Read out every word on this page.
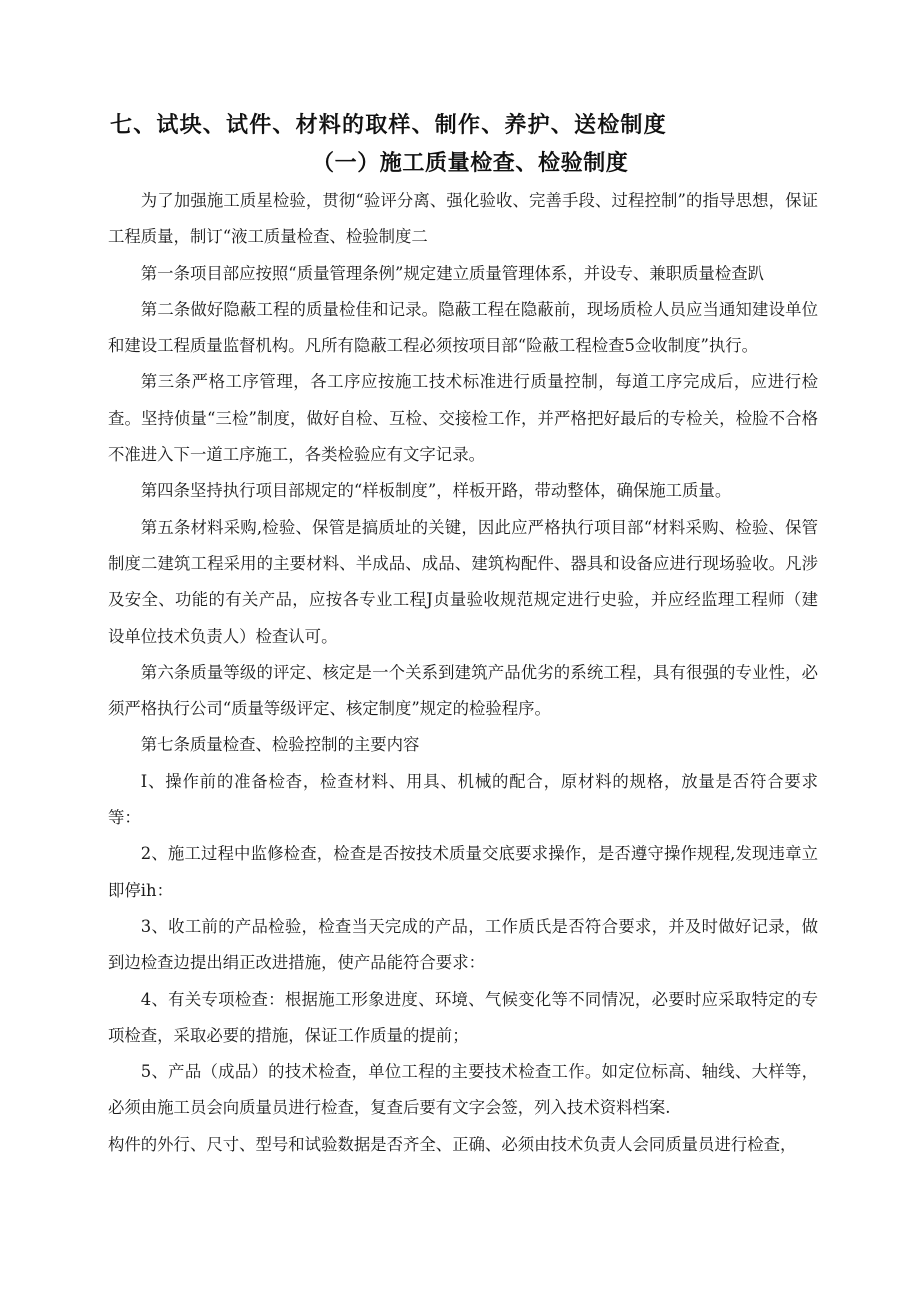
七、试块、试件、材料的取样、制作、养护、送检制度
（一）施工质量检查、检验制度

为了加强施工质星检验，贯彻“验评分离、强化验收、完善手段、过程控制”的指导思想，保证工程质量，制订“液工质量检查、检验制度二

第一条项目部应按照“质量管理条例”规定建立质量管理体系，并设专、兼职质量检查趴

第二条做好隐蔽工程的质量检佳和记录。隐蔽工程在隐蔽前，现场质检人员应当通知建设单位和建设工程质量监督机构。凡所有隐蔽工程必须按项目部“险蔽工程检查5佥收制度”执行。

第三条严格工序管理，各工序应按施工技术标准进行质量控制，每道工序完成后，应进行检查。坚持侦量“三检”制度，做好自检、互检、交接检工作，并严格把好最后的专检关，检脸不合格不准进入下一道工序施工，各类检验应有文字记录。

第四条坚持执行项目部规定的“样板制度”，样板开路，带动整体，确保施工质量。

第五条材料采购,检验、保管是搞质址的关键，因此应严格执行项目部“材料采购、检验、保管制度二建筑工程采用的主要材料、半成品、成品、建筑构配件、器具和设备应进行现场验收。凡涉及安全、功能的有关产品，应按各专业工程J贞量验收规范规定进行史验，并应经监理工程师（建设单位技术负责人）检查认可。

第六条质量等级的评定、核定是一个关系到建筑产品优劣的系统工程，具有很强的专业性，必须严格执行公司“质量等级评定、核定制度”规定的检验程序。

第七条质量检查、检验控制的主要内容

I、操作前的准备检杳，检查材料、用具、机械的配合，原材料的规格，放量是否符合要求等：

2、施工过程中监修检查，检查是否按技术质量交底要求操作，是否遵守操作规程,发现违章立即停ih：

3、收工前的产品检验，检查当天完成的产品，工作质氏是否符合要求，并及时做好记录，做到边检查边提出绢正改进措施，使产品能符合要求：

4、有关专项检查：根据施工形象进度、环境、气候变化等不同情况，必要时应采取特定的专项检查，采取必要的措施，保证工作质量的提前；

5、产品（成品）的技术检查，单位工程的主要技术检查工作。如定位标高、轴线、大样等，必须由施工员会向质量员进行检查，复查后要有文字会签，列入技术资料档案.

构件的外行、尺寸、型号和试验数据是否齐全、正确、必须由技术负责人会同质量员进行检查，
